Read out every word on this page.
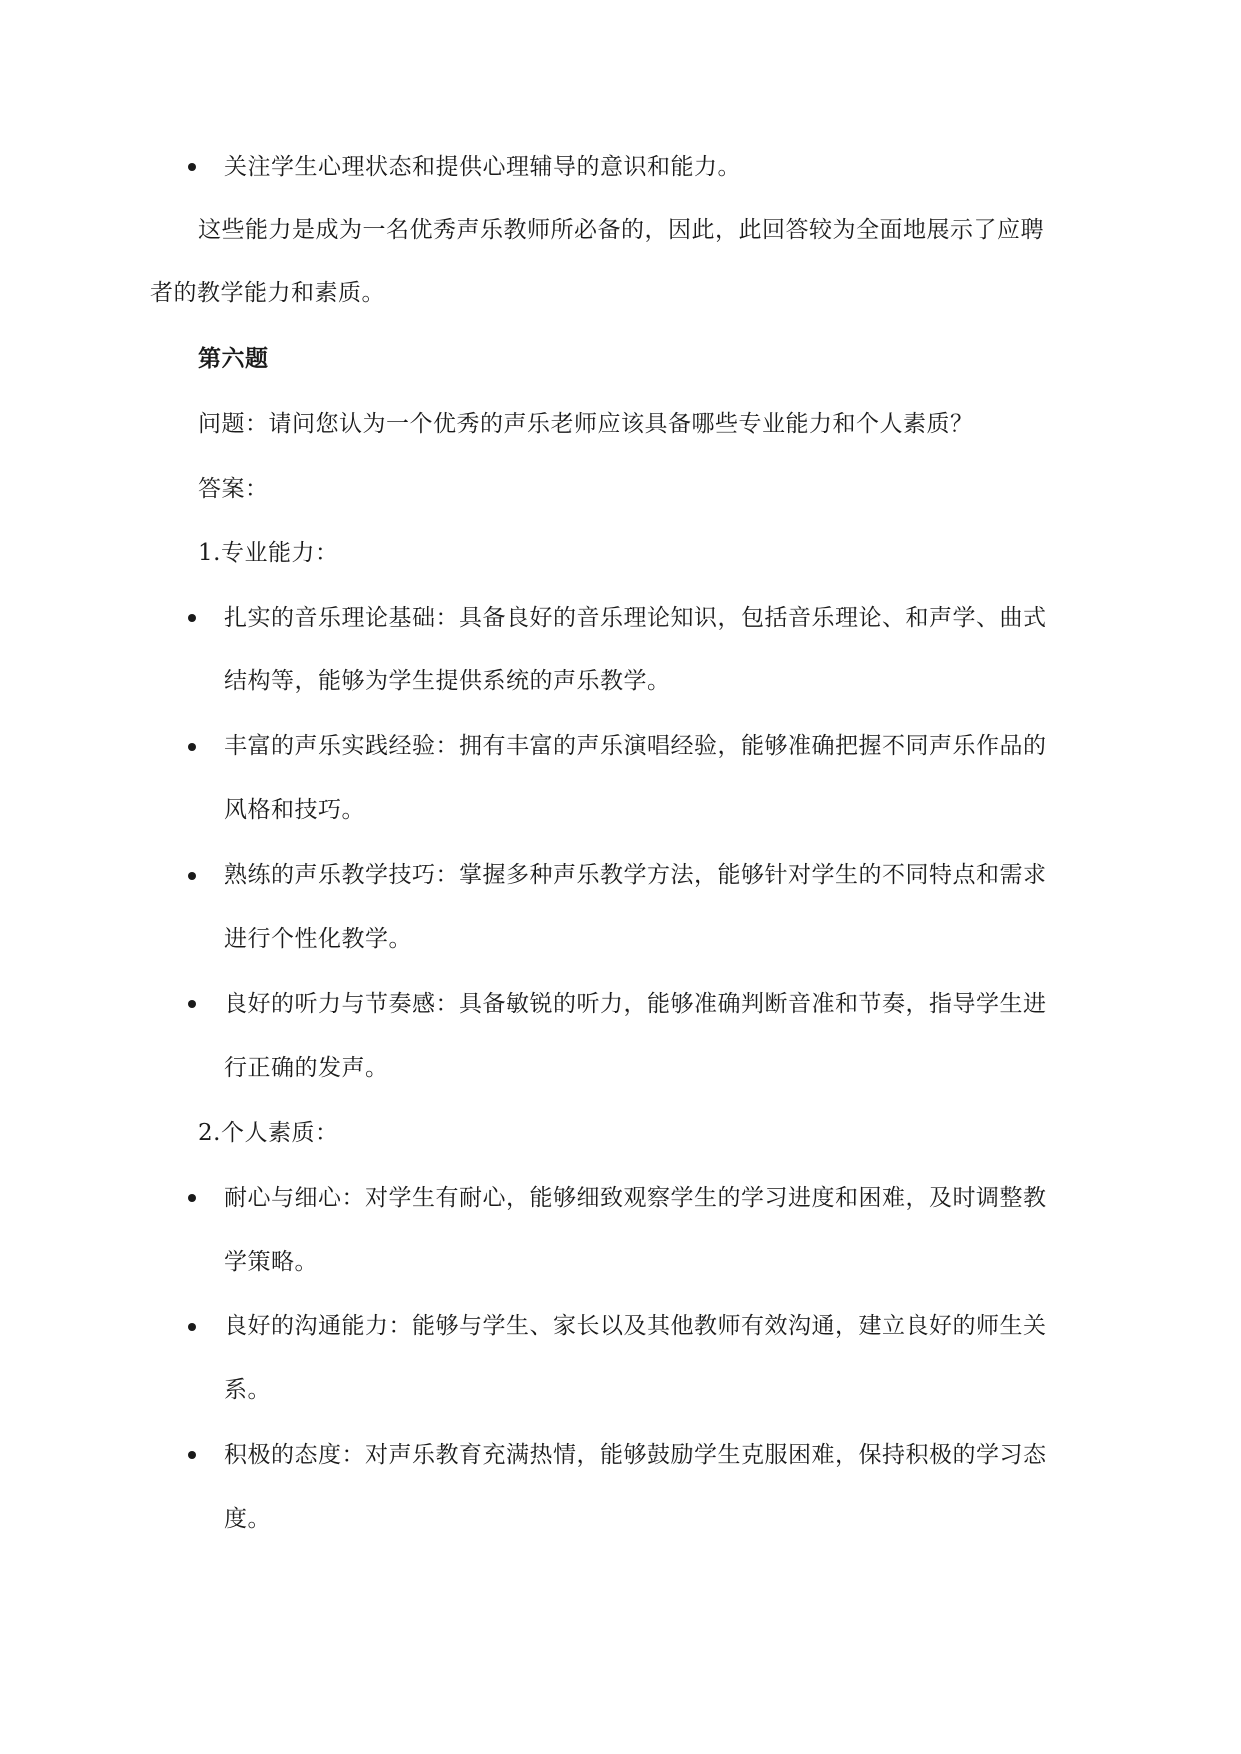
关注学生心理状态和提供心理辅导的意识和能力。
这些能力是成为一名优秀声乐教师所必备的，因此，此回答较为全面地展示了应聘
者的教学能力和素质。
第六题
问题：请问您认为一个优秀的声乐老师应该具备哪些专业能力和个人素质？
答案：
1.专业能力：
扎实的音乐理论基础：具备良好的音乐理论知识，包括音乐理论、和声学、曲式
结构等，能够为学生提供系统的声乐教学。
丰富的声乐实践经验：拥有丰富的声乐演唱经验，能够准确把握不同声乐作品的
风格和技巧。
熟练的声乐教学技巧：掌握多种声乐教学方法，能够针对学生的不同特点和需求
进行个性化教学。
良好的听力与节奏感：具备敏锐的听力，能够准确判断音准和节奏，指导学生进
行正确的发声。
2.个人素质：
耐心与细心：对学生有耐心，能够细致观察学生的学习进度和困难，及时调整教
学策略。
良好的沟通能力：能够与学生、家长以及其他教师有效沟通，建立良好的师生关
系。
积极的态度：对声乐教育充满热情，能够鼓励学生克服困难，保持积极的学习态
度。
